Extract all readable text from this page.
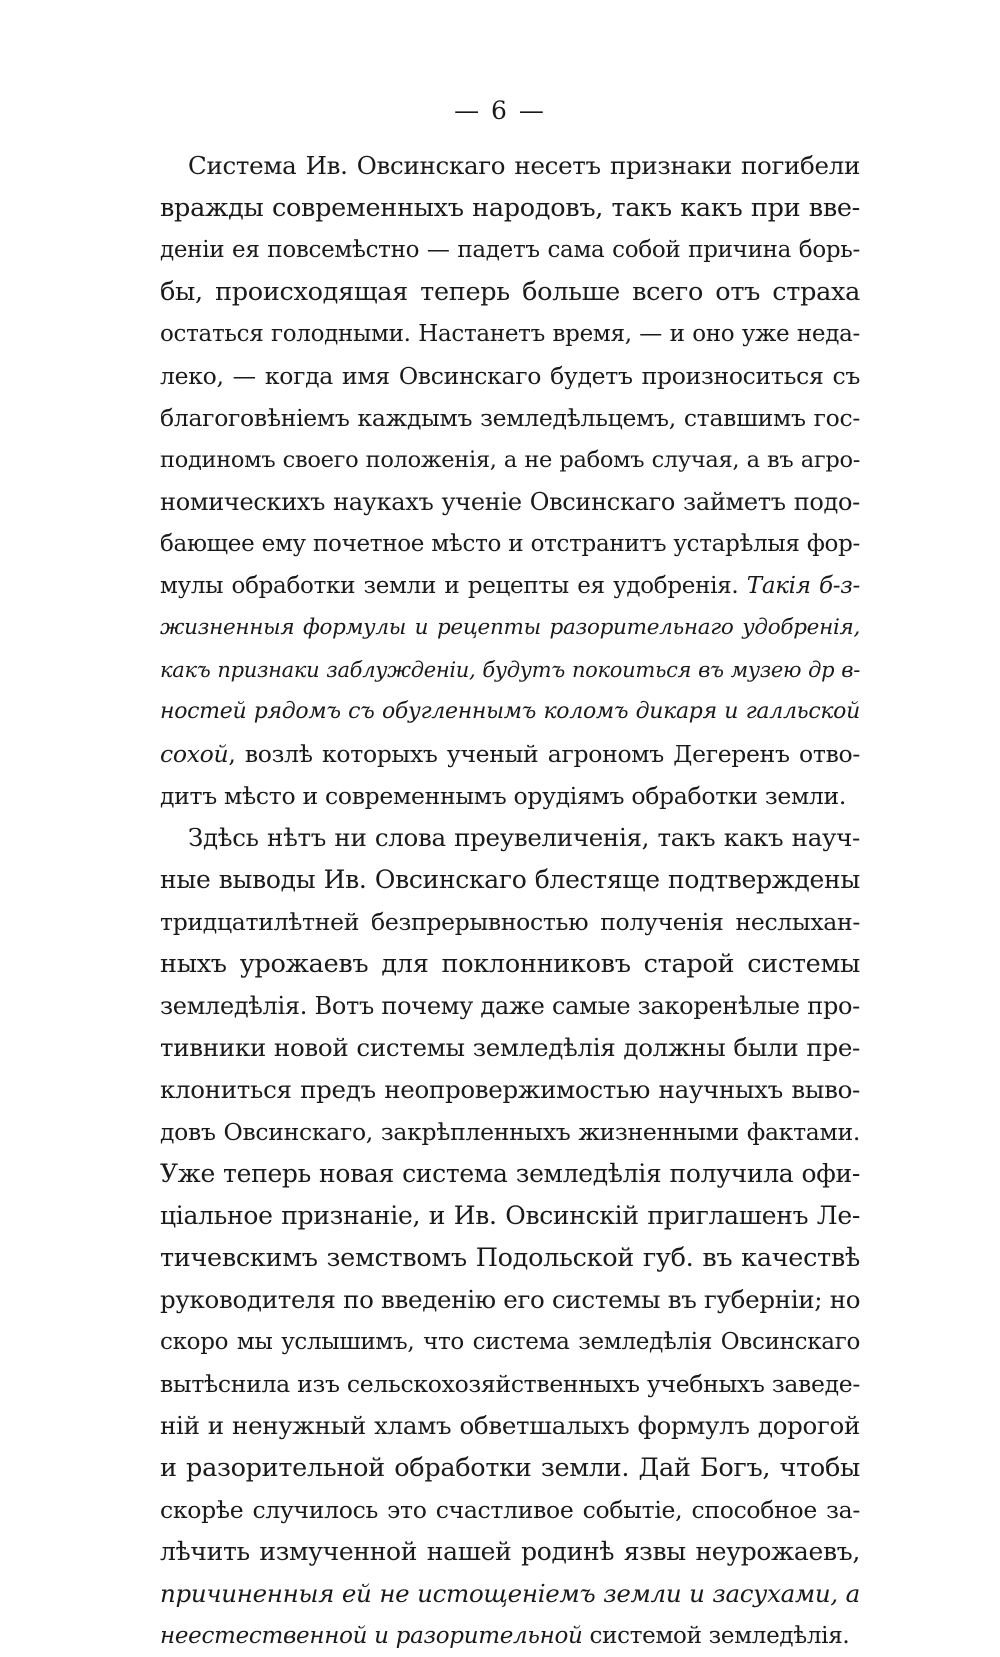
— 6 —
Система Ив. Овсинскаго несетъ признаки погибели
вражды современныхъ народовъ, такъ какъ при вве-
деніи ея повсемѣстно — падетъ сама собой причина борь-
бы, происходящая теперь больше всего отъ страха
остаться голодными. Настанетъ время, — и оно уже неда-
леко, — когда имя Овсинскаго будетъ произноситься съ
благоговѣніемъ каждымъ земледѣльцемъ, ставшимъ гос-
подиномъ своего положенія, а не рабомъ случая, а въ агро-
номическихъ наукахъ ученіе Овсинскаго займетъ подо-
бающее ему почетное мѣсто и отстранитъ устарѣлыя фор-
мулы обработки земли и рецепты ея удобренія. Такія б-з-
жизненныя формулы и рецепты разорительнаго удобренія,
какъ признаки заблужденіи, будутъ покоиться въ музею др в-
ностей рядомъ съ обугленнымъ коломъ дикаря и галльской
сохой, возлѣ которыхъ ученый агрономъ Дегеренъ отво-
дитъ мѣсто и современнымъ орудіямъ обработки земли.
Здѣсь нѣтъ ни слова преувеличенія, такъ какъ науч-
ные выводы Ив. Овсинскаго блестяще подтверждены
тридцатилѣтней безпрерывностью полученія неслыхан-
ныхъ урожаевъ для поклонниковъ старой системы
земледѣлія. Вотъ почему даже самые закоренѣлые про-
тивники новой системы земледѣлія должны были пре-
клониться предъ неопровержимостью научныхъ выво-
довъ Овсинскаго, закрѣпленныхъ жизненными фактами.
Уже теперь новая система земледѣлія получила офи-
ціальное признаніе, и Ив. Овсинскій приглашенъ Ле-
тичевскимъ земствомъ Подольской губ. въ качествѣ
руководителя по введенію его системы въ губерніи; но
скоро мы услышимъ, что система земледѣлія Овсинскаго
вытѣснила изъ сельскохозяйственныхъ учебныхъ заведе-
ній и ненужный хламъ обветшалыхъ формулъ дорогой
и разорительной обработки земли. Дай Богъ, чтобы
скорѣе случилось это счастливое событіе, способное за-
лѣчить измученной нашей родинѣ язвы неурожаевъ,
причиненныя ей не истощеніемъ земли и засухами, а
неестественной и разорительной системой земледѣлія.
